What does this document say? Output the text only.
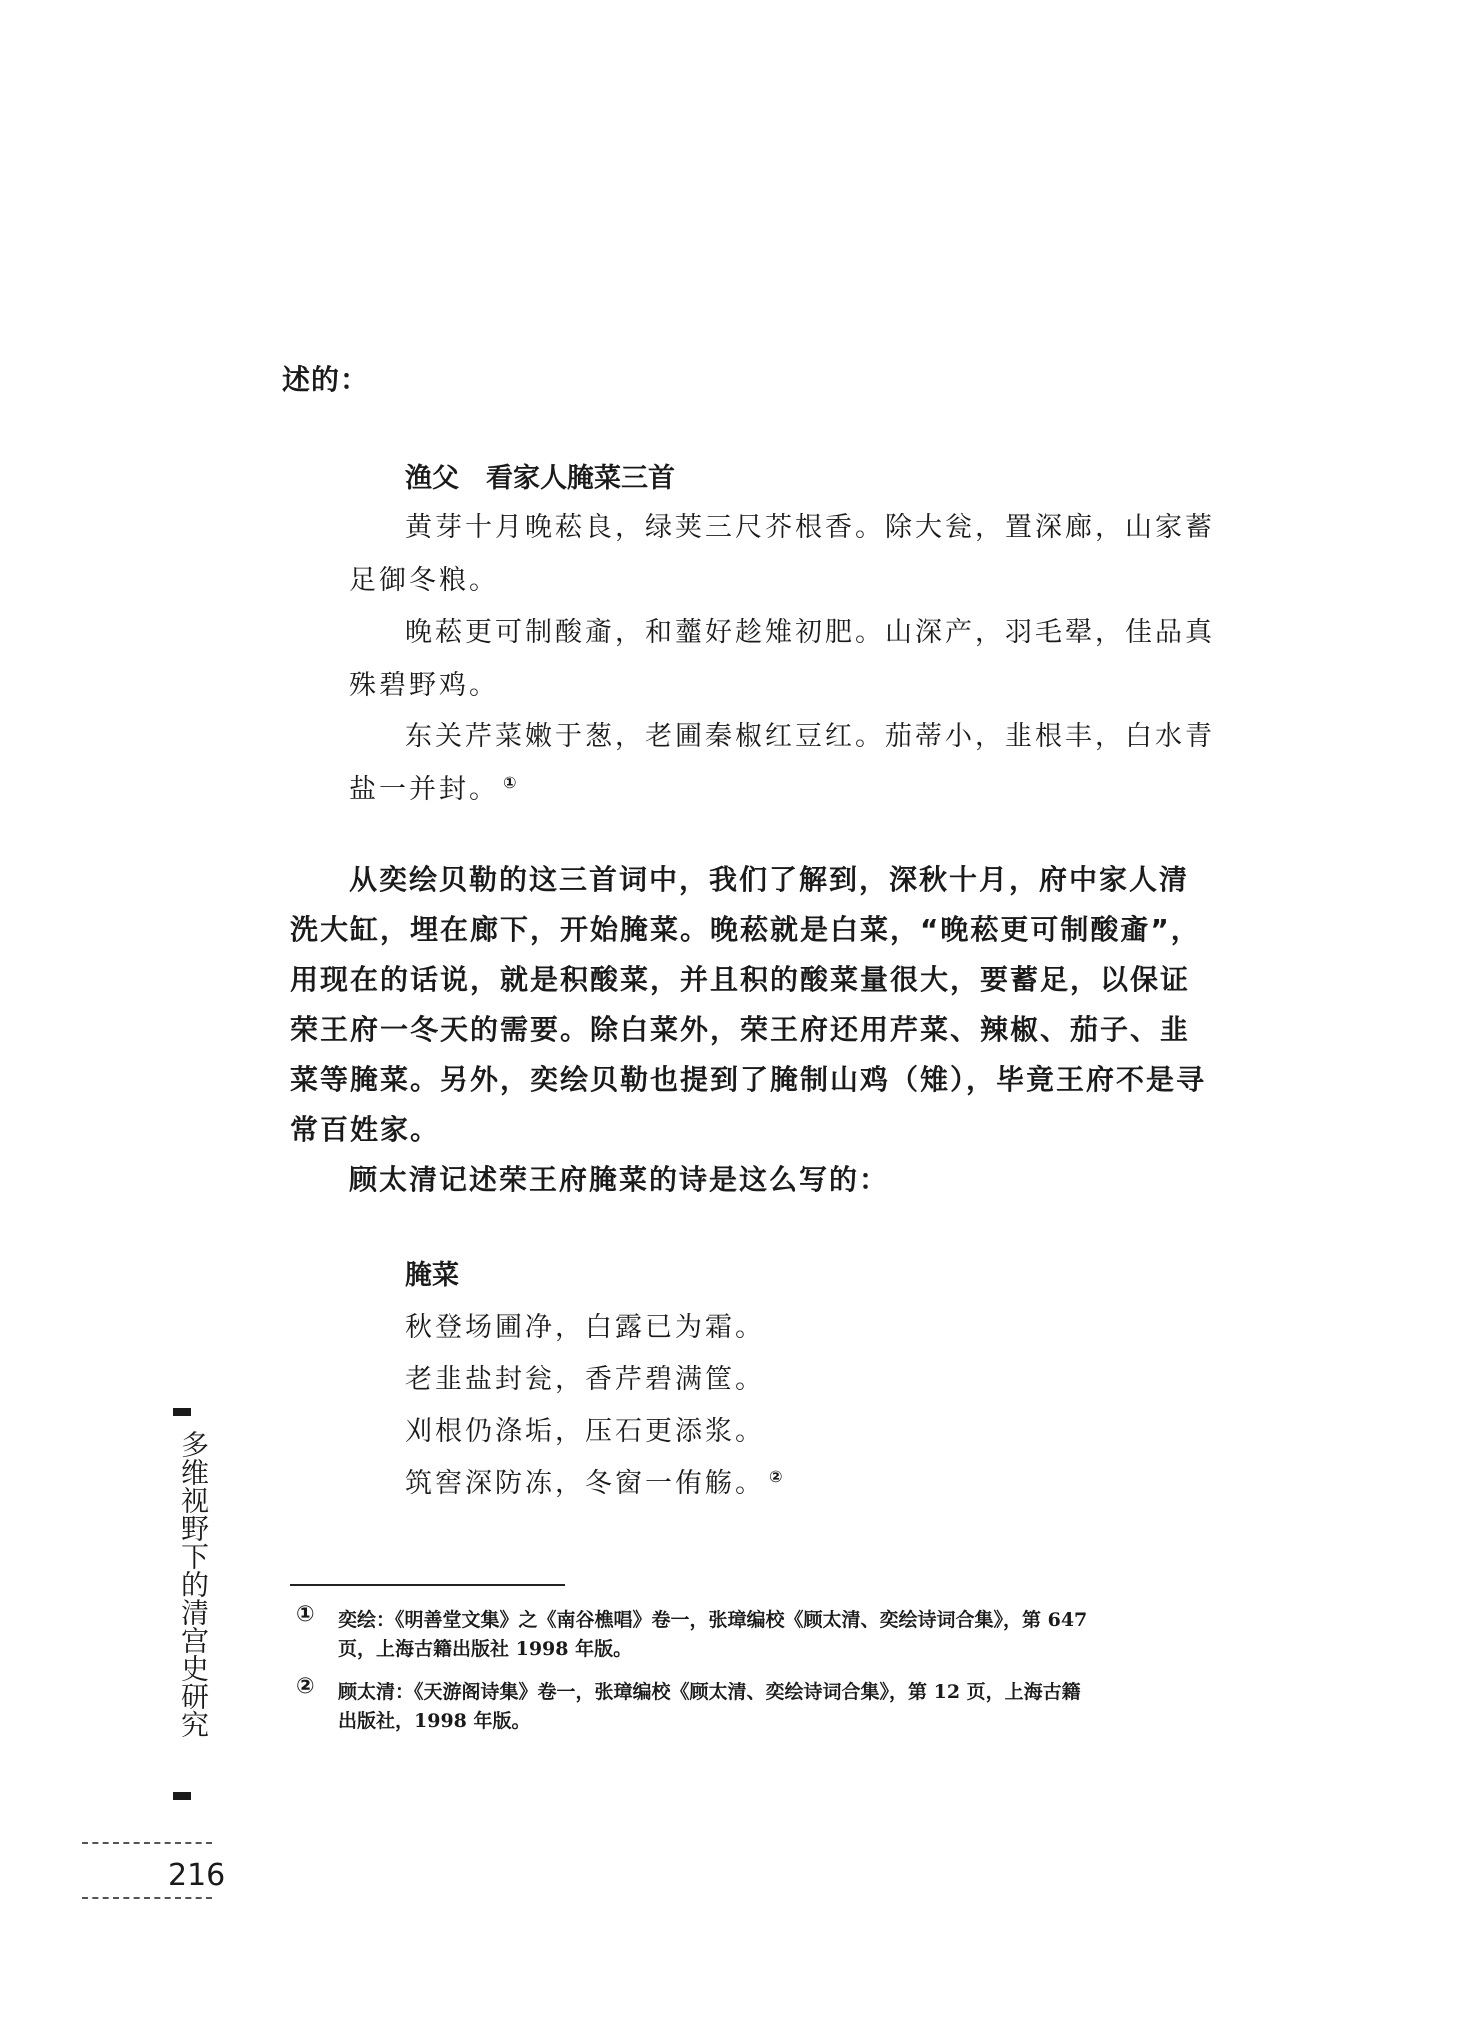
述的：
渔父　看家人腌菜三首
黄芽十月晚菘良，绿荚三尺芥根香。除大瓮，置深廊，山家蓄
足御冬粮。
晚菘更可制酸齑，和虀好趁雉初肥。山深产，羽毛翚，佳品真
殊碧野鸡。
东关芹菜嫩于葱，老圃秦椒红豆红。茄蒂小，韭根丰，白水青
盐一并封。 ①
从奕绘贝勒的这三首词中，我们了解到，深秋十月，府中家人清
洗大缸，埋在廊下，开始腌菜。晚菘就是白菜，“晚菘更可制酸齑”，
用现在的话说，就是积酸菜，并且积的酸菜量很大，要蓄足，以保证
荣王府一冬天的需要。除白菜外，荣王府还用芹菜、辣椒、茄子、韭
菜等腌菜。另外，奕绘贝勒也提到了腌制山鸡（雉），毕竟王府不是寻
常百姓家。
顾太清记述荣王府腌菜的诗是这么写的：
腌菜
秋登场圃净，白露已为霜。
老韭盐封瓮，香芹碧满筐。
刈根仍涤垢，压石更添浆。
筑窖深防冻，冬窗一侑觞。 ②
① 奕绘：《明善堂文集》之《南谷樵唱》卷一，张璋编校《顾太清、奕绘诗词合集》，第 647
页，上海古籍出版社 1998 年版。
② 顾太清：《天游阁诗集》卷一，张璋编校《顾太清、奕绘诗词合集》，第 12 页，上海古籍
出版社，1998 年版。
多维视野下的清宫史研究
216
